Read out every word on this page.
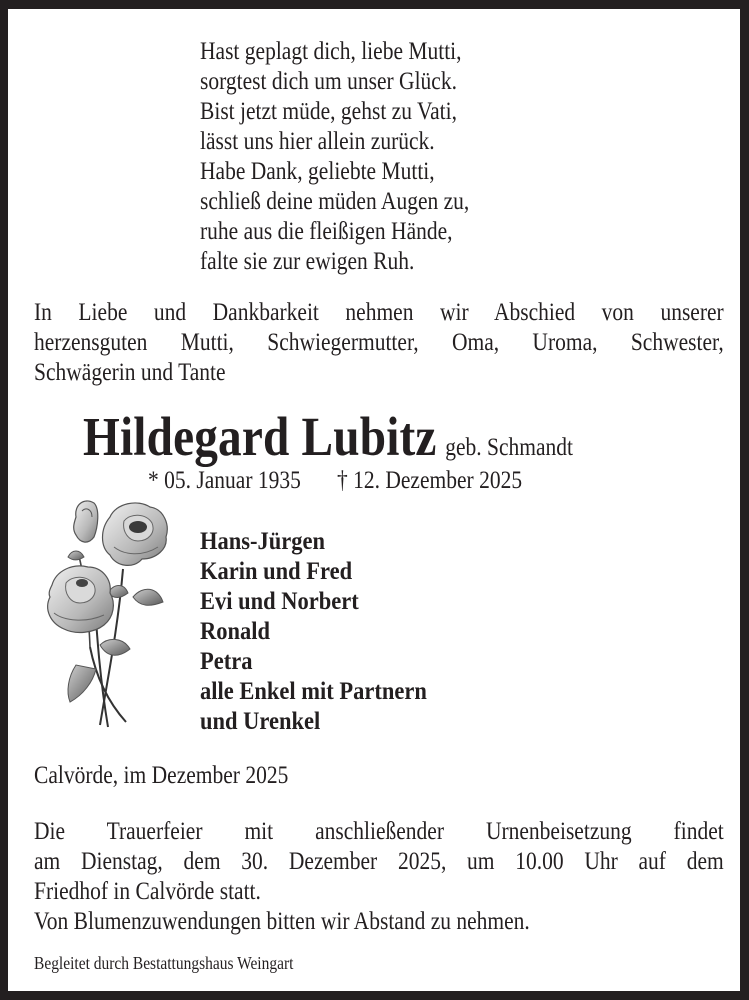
Hast geplagt dich, liebe Mutti,
sorgtest dich um unser Glück.
Bist jetzt müde, gehst zu Vati,
lässt uns hier allein zurück.
Habe Dank, geliebte Mutti,
schließ deine müden Augen zu,
ruhe aus die fleißigen Hände,
falte sie zur ewigen Ruh.
In Liebe und Dankbarkeit nehmen wir Abschied von unserer
herzensguten Mutti, Schwiegermutter, Oma, Uroma, Schwester,
Schwägerin und Tante
Hildegard Lubitz geb. Schmandt
* 05. Januar 1935 † 12. Dezember 2025
Hans-Jürgen
Karin und Fred
Evi und Norbert
Ronald
Petra
alle Enkel mit Partnern
und Urenkel
Calvörde, im Dezember 2025
Die Trauerfeier mit anschließender Urnenbeisetzung findet
am Dienstag, dem 30. Dezember 2025, um 10.00 Uhr auf dem
Friedhof in Calvörde statt.
Von Blumenzuwendungen bitten wir Abstand zu nehmen.
Begleitet durch Bestattungshaus Weingart
